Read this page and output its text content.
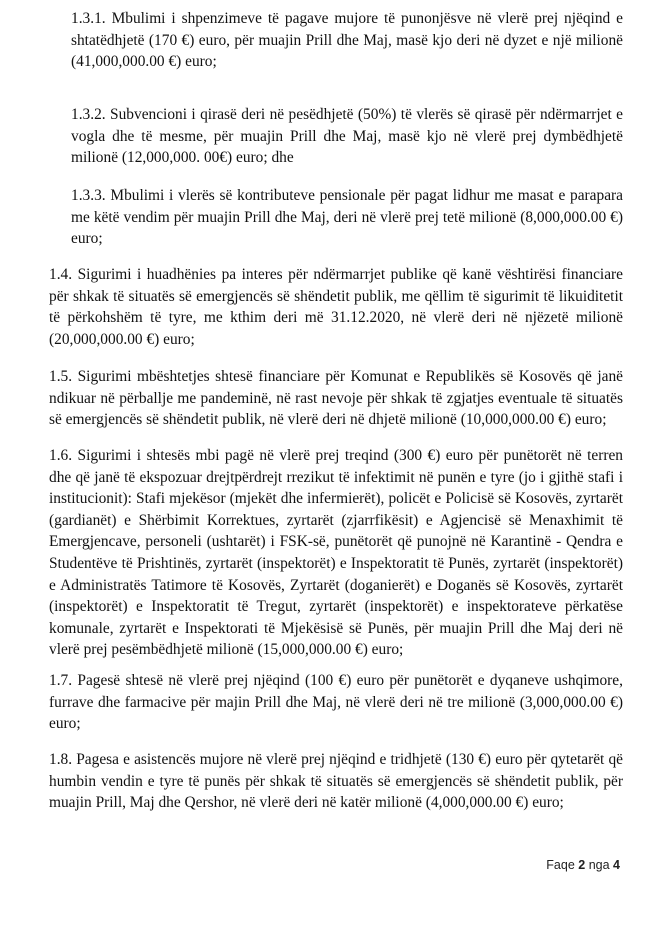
1.3.1. Mbulimi i shpenzimeve të pagave mujore të punonjësve në vlerë prej njëqind e shtatëdhjetë (170 €) euro, për muajin Prill dhe Maj, masë kjo deri në dyzet e një milionë (41,000,000.00 €) euro;

1.3.2. Subvencioni i qirasë deri në pesëdhjetë (50%) të vlerës së qirasë për ndërmarrjet e vogla dhe të mesme, për muajin Prill dhe Maj, masë kjo në vlerë prej dymbëdhjetë milionë (12,000,000. 00€) euro; dhe

1.3.3. Mbulimi i vlerës së kontributeve pensionale për pagat lidhur me masat e parapara me këtë vendim për muajin Prill dhe Maj, deri në vlerë prej tetë milionë (8,000,000.00 €) euro;

1.4. Sigurimi i huadhënies pa interes për ndërmarrjet publike që kanë vështirësi financiare për shkak të situatës së emergjencës së shëndetit publik, me qëllim të sigurimit të likuiditetit të përkohshëm të tyre, me kthim deri më 31.12.2020, në vlerë deri në njëzetë milionë (20,000,000.00 €) euro;

1.5. Sigurimi mbështetjes shtesë financiare për Komunat e Republikës së Kosovës që janë ndikuar në përballje me pandeminë, në rast nevoje për shkak të zgjatjes eventuale të situatës së emergjencës së shëndetit publik, në vlerë deri në dhjetë milionë (10,000,000.00 €) euro;

1.6. Sigurimi i shtesës mbi pagë në vlerë prej treqind (300 €) euro për punëtorët në terren dhe që janë të ekspozuar drejtpërdrejt rrezikut të infektimit në punën e tyre (jo i gjithë stafi i institucionit): Stafi mjekësor (mjekët dhe infermierët), policët e Policisë së Kosovës, zyrtarët (gardianët) e Shërbimit Korrektues, zyrtarët (zjarrfikësit) e Agjencisë së Menaxhimit të Emergjencave, personeli (ushtarët) i FSK-së, punëtorët që punojnë në Karantinë - Qendra e Studentëve të Prishtinës, zyrtarët (inspektorët) e Inspektoratit të Punës, zyrtarët (inspektorët) e Administratës Tatimore të Kosovës, Zyrtarët (doganierët) e Doganës së Kosovës, zyrtarët (inspektorët) e Inspektoratit të Tregut, zyrtarët (inspektorët) e inspektorateve përkatëse komunale, zyrtarët e Inspektorati të Mjekësisë së Punës, për muajin Prill dhe Maj deri në vlerë prej pesëmbëdhjetë milionë (15,000,000.00 €) euro;

1.7. Pagesë shtesë në vlerë prej njëqind (100 €) euro për punëtorët e dyqaneve ushqimore, furrave dhe farmacive për majin Prill dhe Maj, në vlerë deri në tre milionë (3,000,000.00 €) euro;

1.8. Pagesa e asistencës mujore në vlerë prej njëqind e tridhjetë (130 €) euro për qytetarët që humbin vendin e tyre të punës për shkak të situatës së emergjencës së shëndetit publik, për muajin Prill, Maj dhe Qershor, në vlerë deri në katër milionë (4,000,000.00 €) euro;

Faqe 2 nga 4
